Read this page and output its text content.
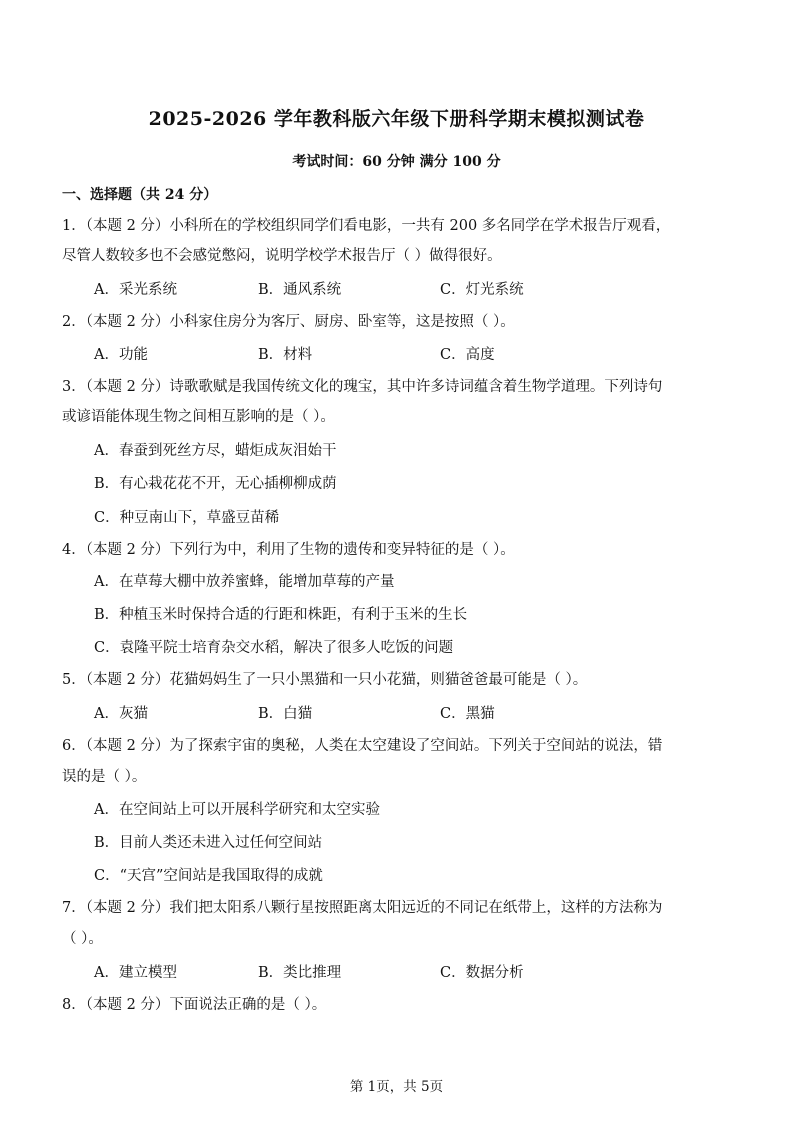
2025-2026 学年教科版六年级下册科学期末模拟测试卷
考试时间：60 分钟 满分 100 分
一、选择题（共 24 分）
1．（本题 2 分）小科所在的学校组织同学们看电影，一共有 200 多名同学在学术报告厅观看，
尽管人数较多也不会感觉憋闷，说明学校学术报告厅（ ）做得很好。
A．采光系统	B．通风系统	C．灯光系统
2．（本题 2 分）小科家住房分为客厅、厨房、卧室等，这是按照（ ）。
A．功能	B．材料	C．高度
3．（本题 2 分）诗歌歌赋是我国传统文化的瑰宝，其中许多诗词蕴含着生物学道理。下列诗句
或谚语能体现生物之间相互影响的是（ ）。
A．春蚕到死丝方尽，蜡炬成灰泪始干
B．有心栽花花不开，无心插柳柳成荫
C．种豆南山下，草盛豆苗稀
4．（本题 2 分）下列行为中，利用了生物的遗传和变异特征的是（ ）。
A．在草莓大棚中放养蜜蜂，能增加草莓的产量
B．种植玉米时保持合适的行距和株距，有利于玉米的生长
C．袁隆平院士培育杂交水稻，解决了很多人吃饭的问题
5．（本题 2 分）花猫妈妈生了一只小黑猫和一只小花猫，则猫爸爸最可能是（ ）。
A．灰猫	B．白猫	C．黑猫
6．（本题 2 分）为了探索宇宙的奥秘，人类在太空建设了空间站。下列关于空间站的说法，错
误的是（ ）。
A．在空间站上可以开展科学研究和太空实验
B．目前人类还未进入过任何空间站
C．“天宫”空间站是我国取得的成就
7．（本题 2 分）我们把太阳系八颗行星按照距离太阳远近的不同记在纸带上，这样的方法称为
（ ）。
A．建立模型	B．类比推理	C．数据分析
8．（本题 2 分）下面说法正确的是（ ）。
第 1页，共 5页
